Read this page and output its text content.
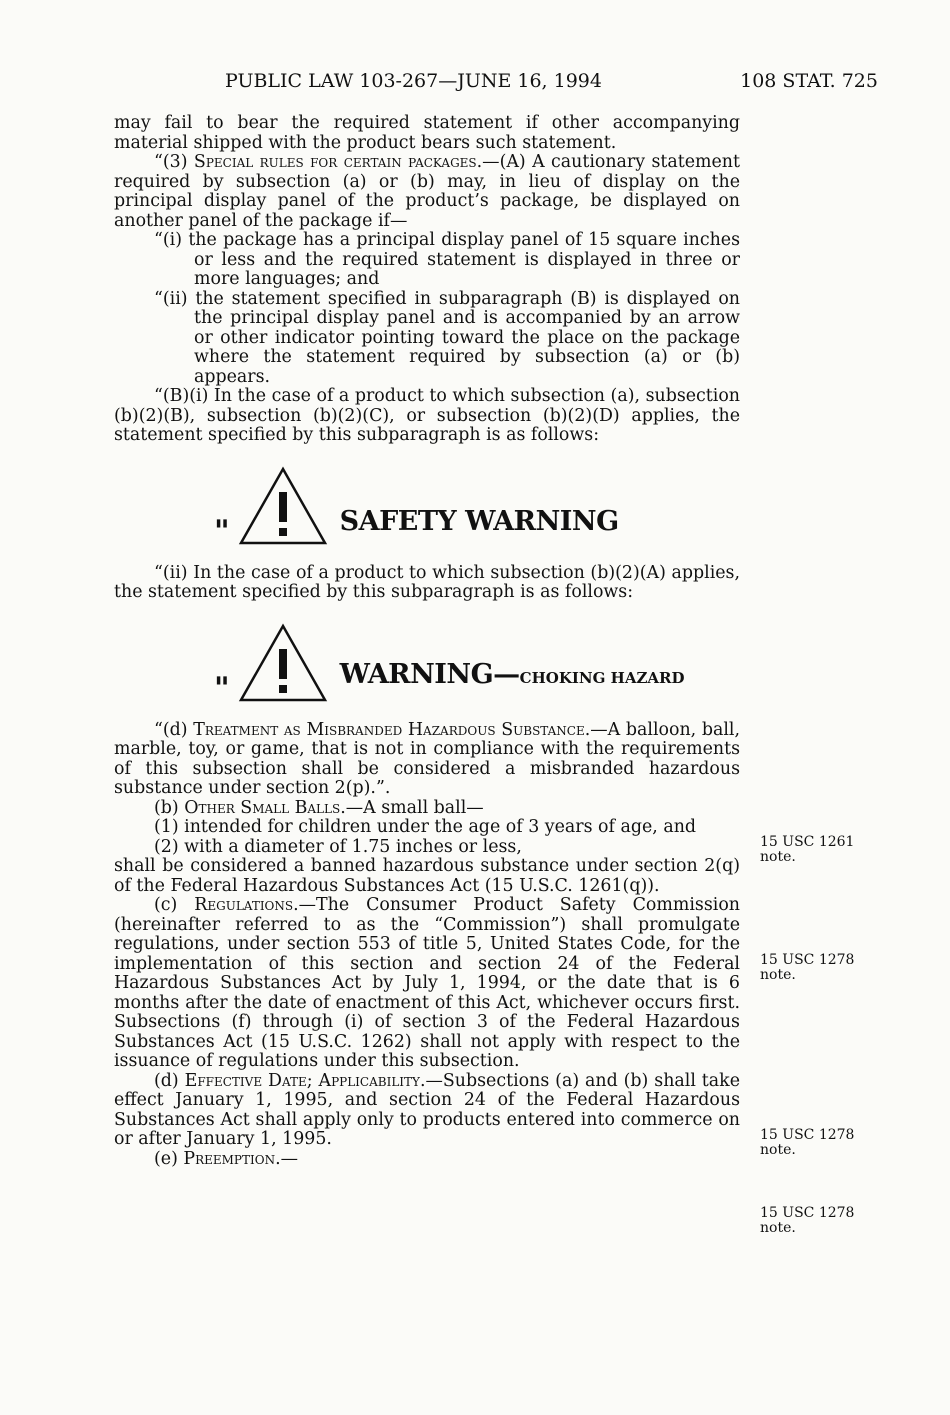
PUBLIC LAW 103-267—JUNE 16, 1994	108 STAT. 725

may fail to bear the required statement if other accompanying material shipped with the product bears such statement.

“(3) Special rules for certain packages.—(A) A cautionary statement required by subsection (a) or (b) may, in lieu of display on the principal display panel of the product’s package, be displayed on another panel of the package if—

“(i) the package has a principal display panel of 15 square inches or less and the required statement is displayed in three or more languages; and

“(ii) the statement specified in subparagraph (B) is displayed on the principal display panel and is accompanied by an arrow or other indicator pointing toward the place on the package where the statement required by subsection (a) or (b) appears.

“(B)(i) In the case of a product to which subsection (a), subsection (b)(2)(B), subsection (b)(2)(C), or subsection (b)(2)(D) applies, the statement specified by this subparagraph is as follows:

"	SAFETY WARNING

“(ii) In the case of a product to which subsection (b)(2)(A) applies, the statement specified by this subparagraph is as follows:

"	WARNING—CHOKING HAZARD

“(d) Treatment as Misbranded Hazardous Substance.—A balloon, ball, marble, toy, or game, that is not in compliance with the requirements of this subsection shall be considered a misbranded hazardous substance under section 2(p).”.

(b) Other Small Balls.—A small ball—

(1) intended for children under the age of 3 years of age, and

(2) with a diameter of 1.75 inches or less,

shall be considered a banned hazardous substance under section 2(q) of the Federal Hazardous Substances Act (15 U.S.C. 1261(q)).

(c) Regulations.—The Consumer Product Safety Commission (hereinafter referred to as the “Commission”) shall promulgate regulations, under section 553 of title 5, United States Code, for the implementation of this section and section 24 of the Federal Hazardous Substances Act by July 1, 1994, or the date that is 6 months after the date of enactment of this Act, whichever occurs first. Subsections (f) through (i) of section 3 of the Federal Hazardous Substances Act (15 U.S.C. 1262) shall not apply with respect to the issuance of regulations under this subsection.

(d) Effective Date; Applicability.—Subsections (a) and (b) shall take effect January 1, 1995, and section 24 of the Federal Hazardous Substances Act shall apply only to products entered into commerce on or after January 1, 1995.

(e) Preemption.—

15 USC 1261
note.
15 USC 1278
note.
15 USC 1278
note.
15 USC 1278
note.
